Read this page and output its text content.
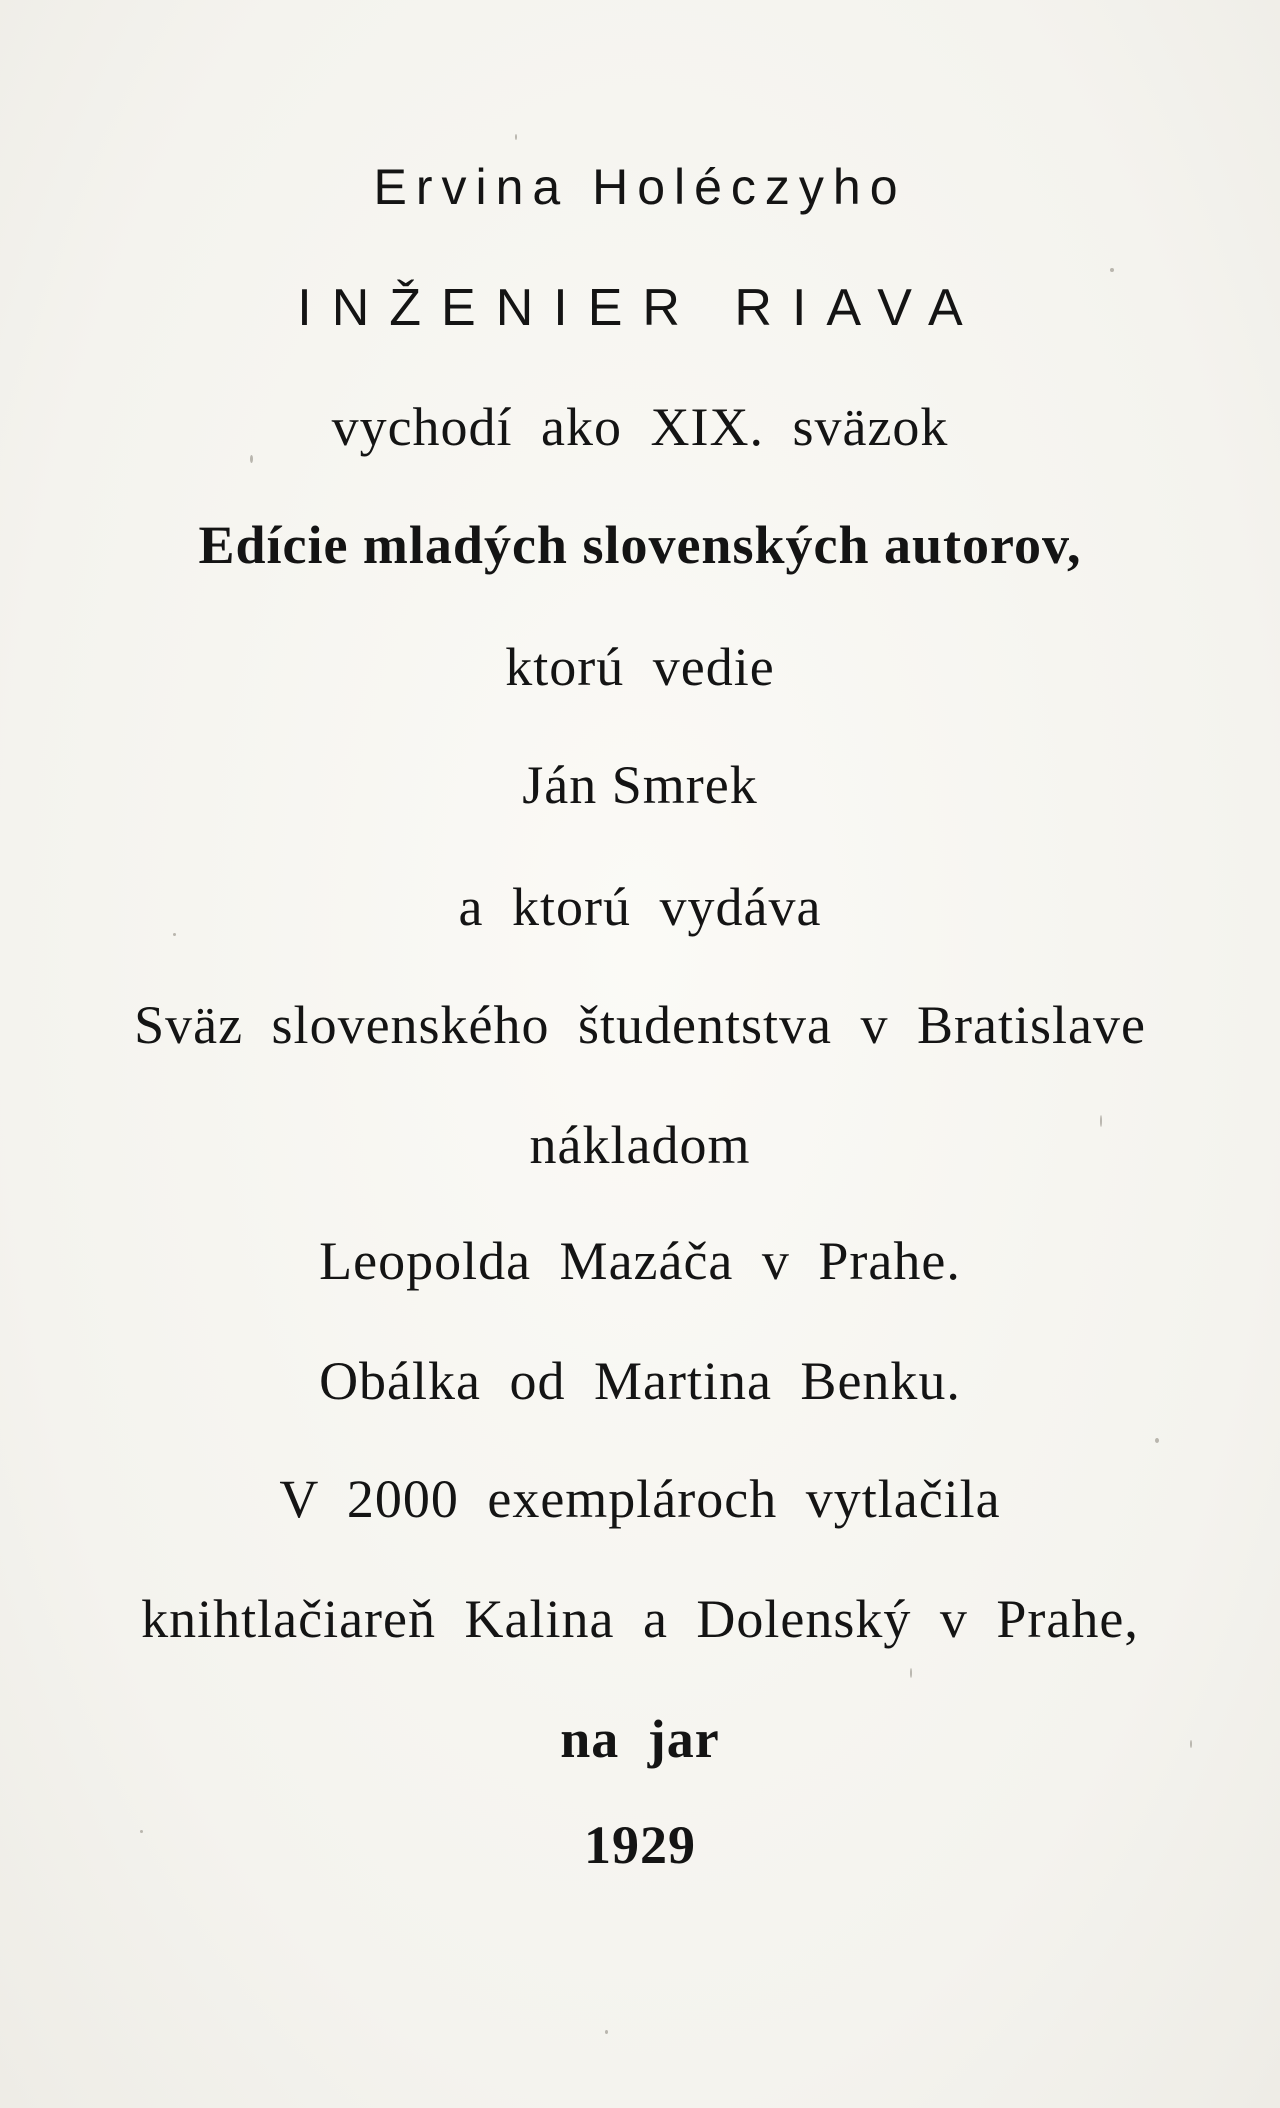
Ervina Holéczyho
INŽENIER RIAVA
vychodí ako XIX. sväzok
Edície mladých slovenských autorov,
ktorú vedie
Ján Smrek
a ktorú vydáva
Sväz slovenského študentstva v Bratislave
nákladom
Leopolda Mazáča v Prahe.
Obálka od Martina Benku.
V 2000 exemplároch vytlačila
knihtlačiareň Kalina a Dolenský v Prahe,
na jar
1929
